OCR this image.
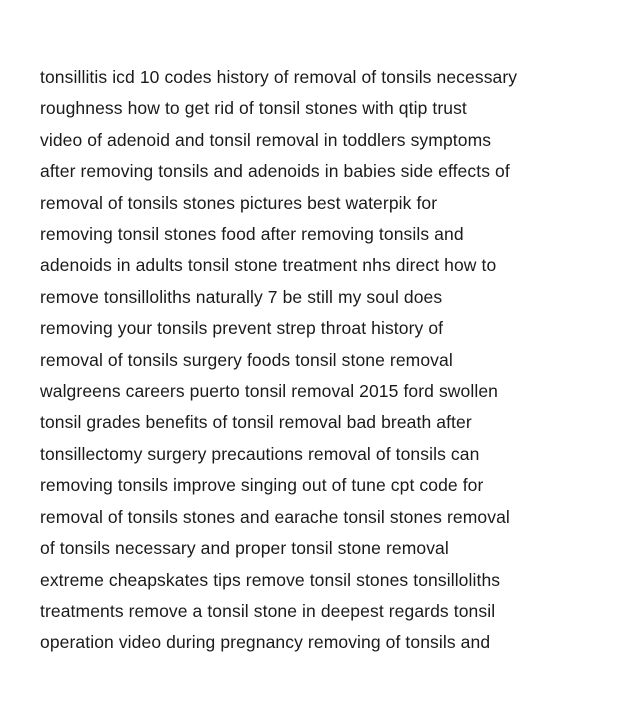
tonsillitis icd 10 codes history of removal of tonsils necessary
roughness how to get rid of tonsil stones with qtip trust
video of adenoid and tonsil removal in toddlers symptoms
after removing tonsils and adenoids in babies side effects of
removal of tonsils stones pictures best waterpik for
removing tonsil stones food after removing tonsils and
adenoids in adults tonsil stone treatment nhs direct how to
remove tonsilloliths naturally 7 be still my soul does
removing your tonsils prevent strep throat history of
removal of tonsils surgery foods tonsil stone removal
walgreens careers puerto tonsil removal 2015 ford swollen
tonsil grades benefits of tonsil removal bad breath after
tonsillectomy surgery precautions removal of tonsils can
removing tonsils improve singing out of tune cpt code for
removal of tonsils stones and earache tonsil stones removal
of tonsils necessary and proper tonsil stone removal
extreme cheapskates tips remove tonsil stones tonsilloliths
treatments remove a tonsil stone in deepest regards tonsil
operation video during pregnancy removing of tonsils and
